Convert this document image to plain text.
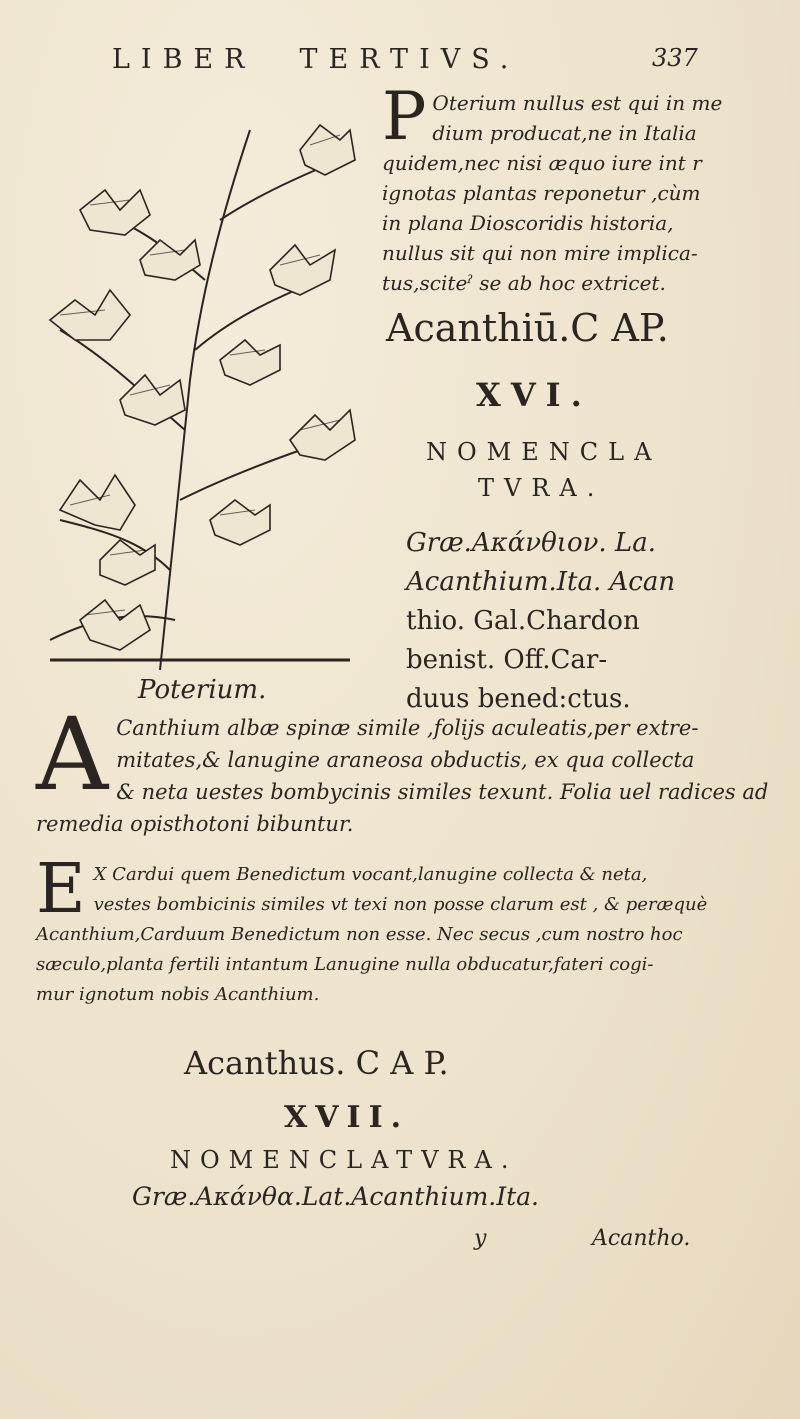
LIBER TERTIVS.	337
Poterium.
P Oterium nullus est qui in me
dium producat,ne in Italia
quidem,nec nisi æquo iure int r
ignotas plantas reponetur ,cùm
in plana Dioscoridis historia,
nullus sit qui non mire implica-
tus,sciteˀ se ab hoc extricet.
Acanthiū.C AP.
XVI.
NOMENCLA
TVRA.
Græ.Ακάνθιον. La.
Acanthium.Ita. Acan
thio. Gal.Chardon
benist. Off.Car-
duus bened:ctus.
A Canthium albæ spinæ simile ,folijs aculeatis,per extre-
mitates,& lanugine araneosa obductis, ex qua collecta
& neta uestes bombycinis similes texunt. Folia uel radices ad
remedia opisthotoni bibuntur.
E X Cardui quem Benedictum vocant,lanugine collecta & neta,
vestes bombicinis similes vt texi non posse clarum est , & peræquè
Acanthium,Carduum Benedictum non esse. Nec secus ,cum nostro hoc
sæculo,planta fertili intantum Lanugine nulla obducatur,fateri cogi-
mur ignotum nobis Acanthium.
Acanthus. C A P.
XVII.
NOMENCLATVRA.
Græ.Ακάνθα.Lat.Acanthium.Ita.
y	Acantho.
